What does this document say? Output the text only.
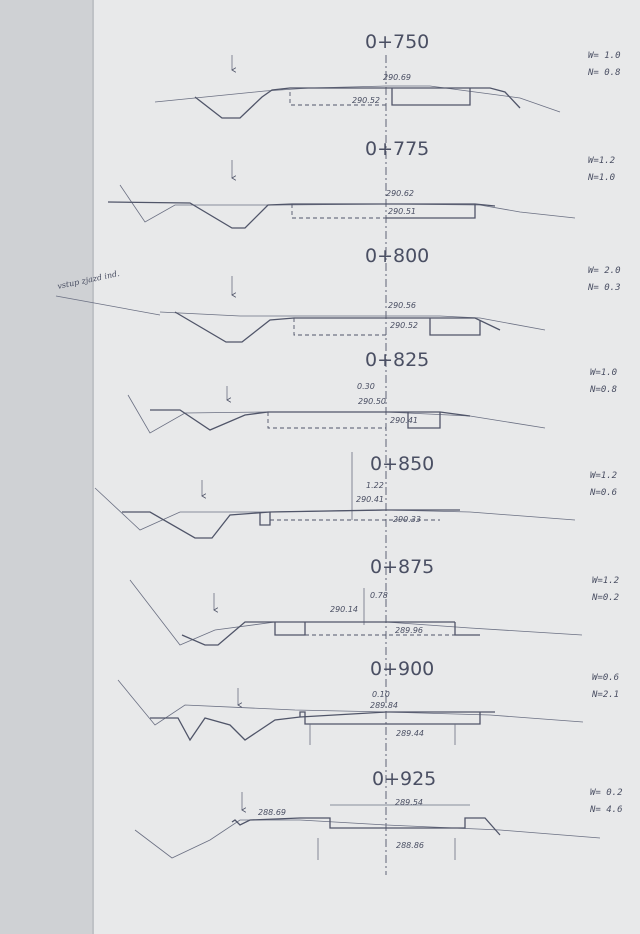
0+750
W= 1.0
N= 0.8
290.69
290.52
0+775
W=1.2
N=1.0
290.62
290.51
0+800
W= 2.0
N= 0.3
vstup zjazd ind.
290.56
290.52
0+825
W=1.0
N=0.8
0.30
290.50
290.41
0+850
W=1.2
N=0.6
1.22
290.41
290.33
0+875
W=1.2
N=0.2
0.78
290.14
289.96
0+900	W=0.6
N=2.1
0.10
289.84
289.44
0+925
W= 0.2
N= 4.6
288.69
289.54
288.86
